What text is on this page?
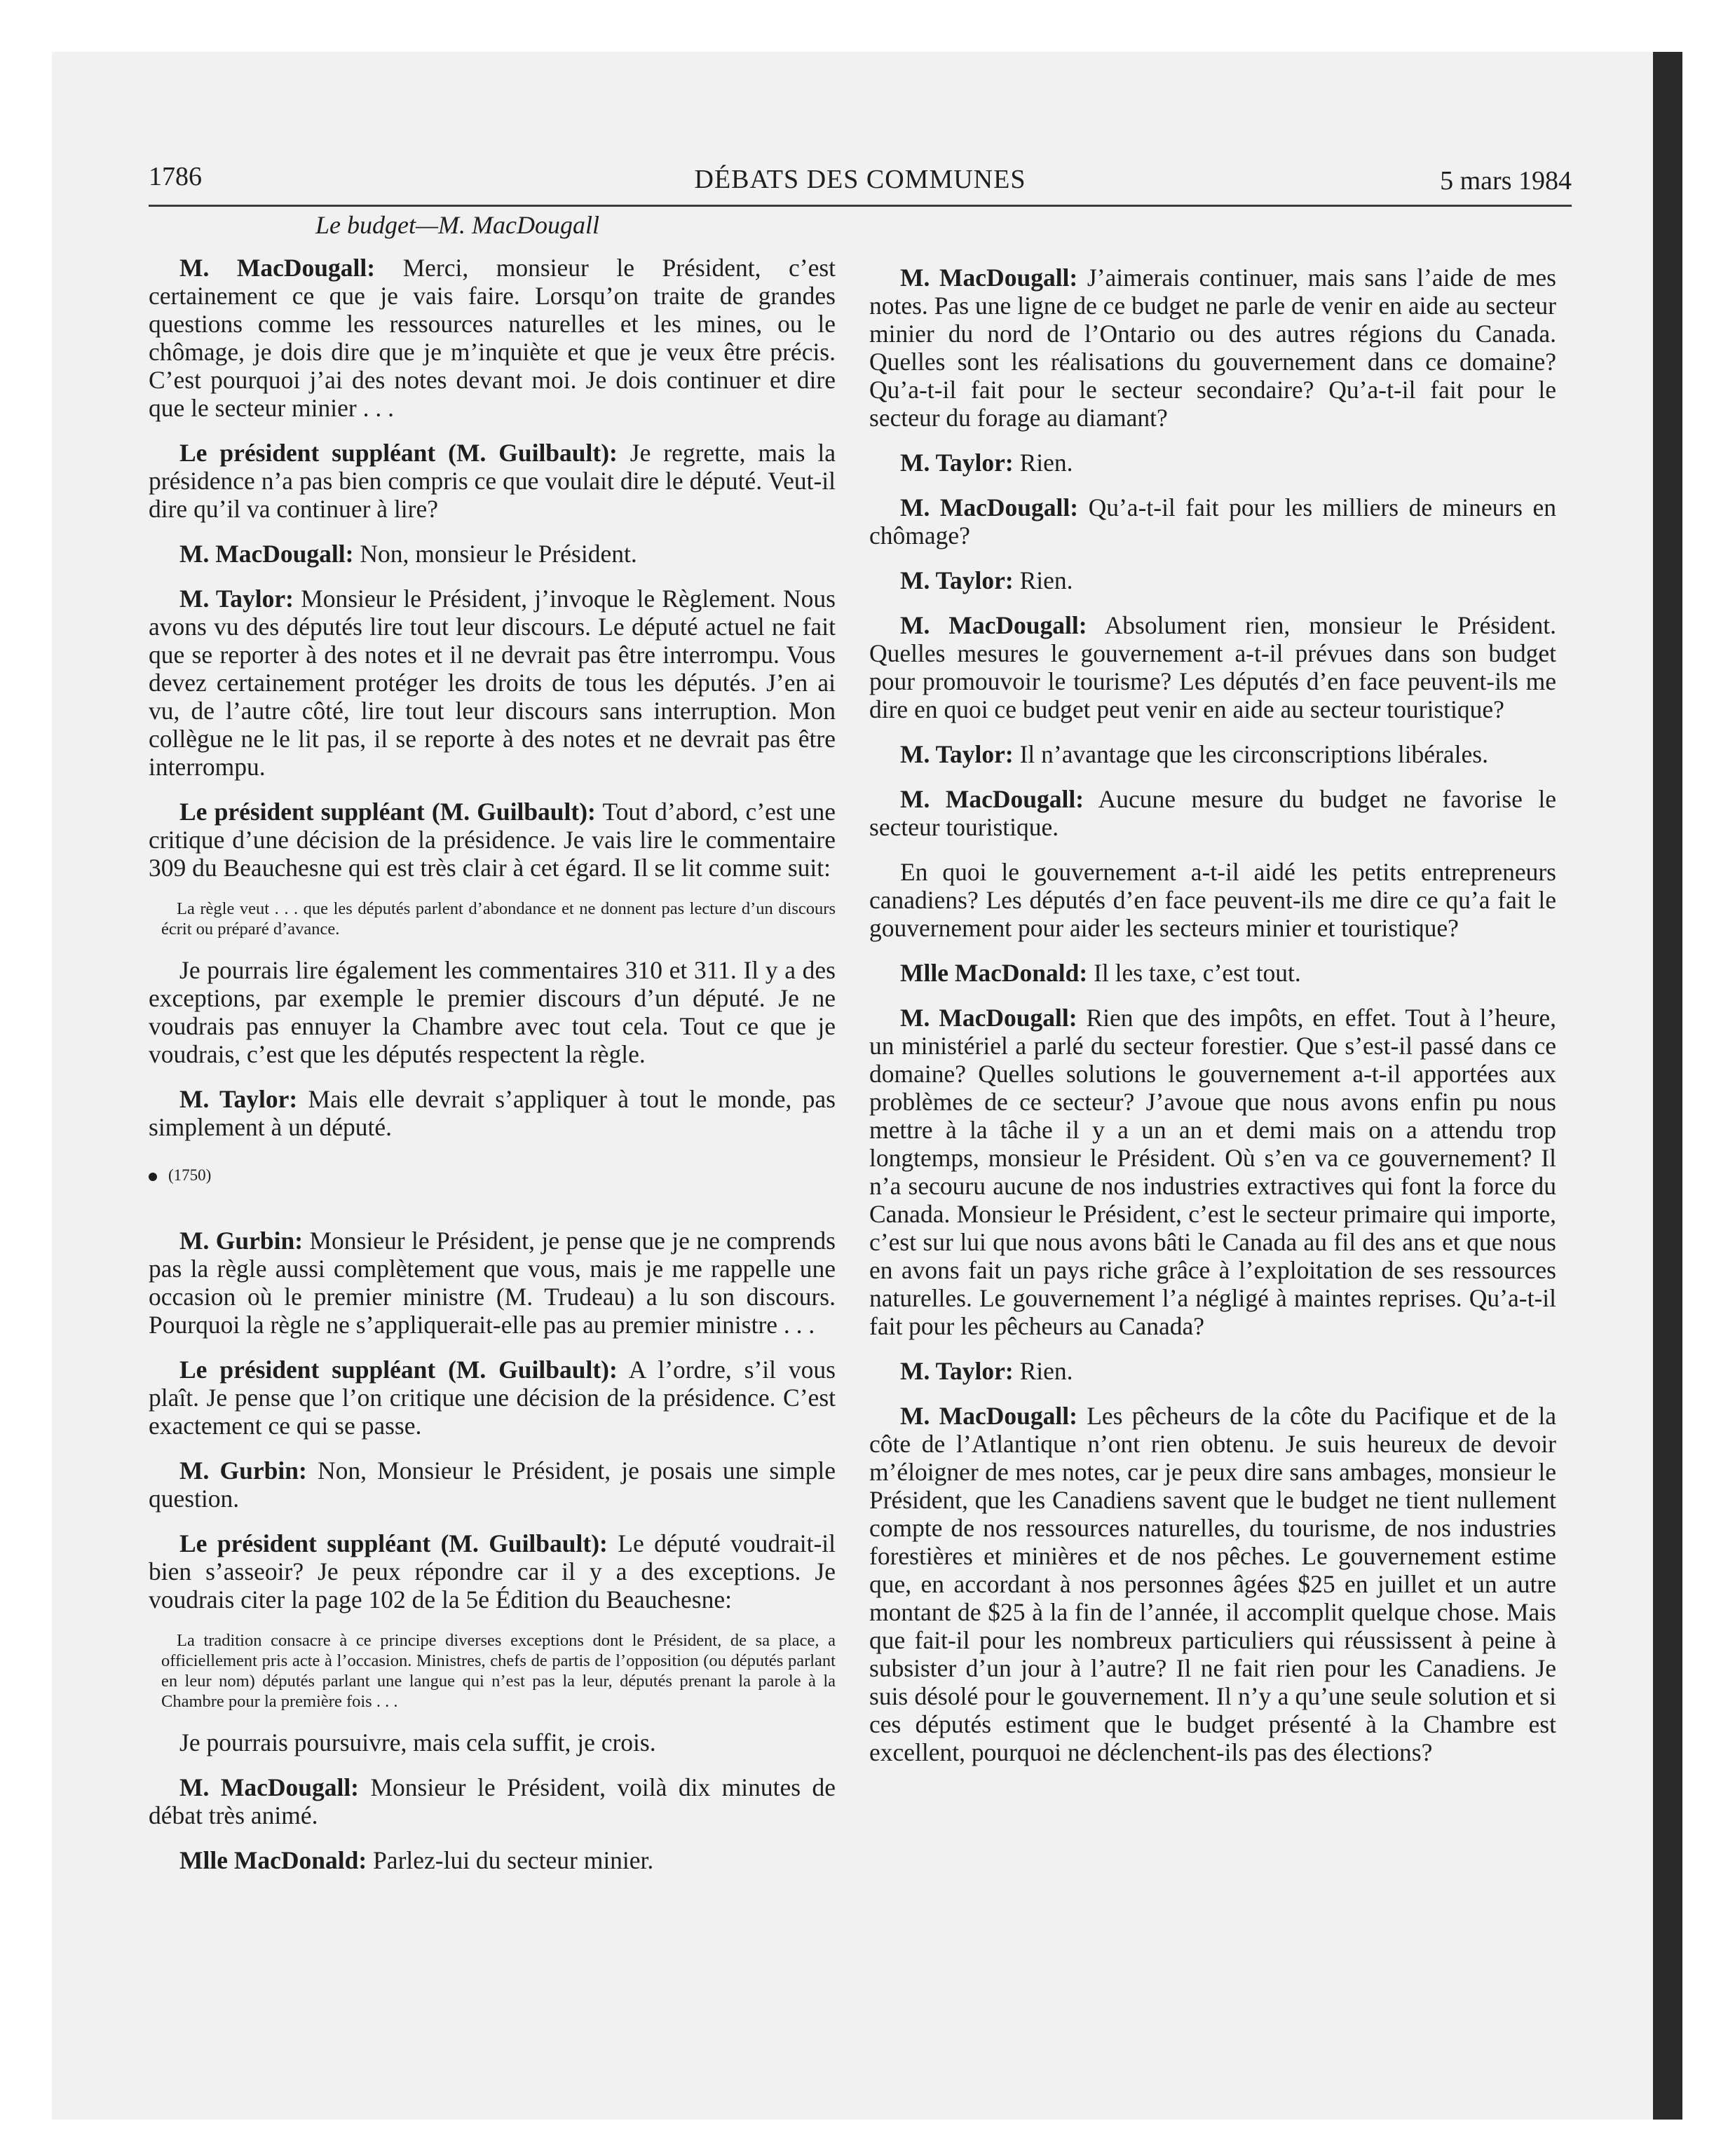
1786	DÉBATS DES COMMUNES	5 mars 1984
Le budget—M. MacDougall

M. MacDougall: Merci, monsieur le Président, c’est certainement ce que je vais faire. Lorsqu’on traite de grandes questions comme les ressources naturelles et les mines, ou le chômage, je dois dire que je m’inquiète et que je veux être précis. C’est pourquoi j’ai des notes devant moi. Je dois continuer et dire que le secteur minier . . .

Le président suppléant (M. Guilbault): Je regrette, mais la présidence n’a pas bien compris ce que voulait dire le député. Veut-il dire qu’il va continuer à lire?

M. MacDougall: Non, monsieur le Président.

M. Taylor: Monsieur le Président, j’invoque le Règlement. Nous avons vu des députés lire tout leur discours. Le député actuel ne fait que se reporter à des notes et il ne devrait pas être interrompu. Vous devez certainement protéger les droits de tous les députés. J’en ai vu, de l’autre côté, lire tout leur discours sans interruption. Mon collègue ne le lit pas, il se reporte à des notes et ne devrait pas être interrompu.

Le président suppléant (M. Guilbault): Tout d’abord, c’est une critique d’une décision de la présidence. Je vais lire le commentaire 309 du Beauchesne qui est très clair à cet égard. Il se lit comme suit:

La règle veut . . . que les députés parlent d’abondance et ne donnent pas lecture d’un discours écrit ou préparé d’avance.

Je pourrais lire également les commentaires 310 et 311. Il y a des exceptions, par exemple le premier discours d’un député. Je ne voudrais pas ennuyer la Chambre avec tout cela. Tout ce que je voudrais, c’est que les députés respectent la règle.

M. Taylor: Mais elle devrait s’appliquer à tout le monde, pas simplement à un député.

(1750)

M. Gurbin: Monsieur le Président, je pense que je ne comprends pas la règle aussi complètement que vous, mais je me rappelle une occasion où le premier ministre (M. Trudeau) a lu son discours. Pourquoi la règle ne s’appliquerait-elle pas au premier ministre . . .

Le président suppléant (M. Guilbault): A l’ordre, s’il vous plaît. Je pense que l’on critique une décision de la présidence. C’est exactement ce qui se passe.

M. Gurbin: Non, Monsieur le Président, je posais une simple question.

Le président suppléant (M. Guilbault): Le député voudrait-il bien s’asseoir? Je peux répondre car il y a des exceptions. Je voudrais citer la page 102 de la 5e Édition du Beauchesne:

La tradition consacre à ce principe diverses exceptions dont le Président, de sa place, a officiellement pris acte à l’occasion. Ministres, chefs de partis de l’opposition (ou députés parlant en leur nom) députés parlant une langue qui n’est pas la leur, députés prenant la parole à la Chambre pour la première fois . . .

Je pourrais poursuivre, mais cela suffit, je crois.

M. MacDougall: Monsieur le Président, voilà dix minutes de débat très animé.

Mlle MacDonald: Parlez-lui du secteur minier.

M. MacDougall: J’aimerais continuer, mais sans l’aide de mes notes. Pas une ligne de ce budget ne parle de venir en aide au secteur minier du nord de l’Ontario ou des autres régions du Canada. Quelles sont les réalisations du gouvernement dans ce domaine? Qu’a-t-il fait pour le secteur secondaire? Qu’a-t-il fait pour le secteur du forage au diamant?

M. Taylor: Rien.

M. MacDougall: Qu’a-t-il fait pour les milliers de mineurs en chômage?

M. Taylor: Rien.

M. MacDougall: Absolument rien, monsieur le Président. Quelles mesures le gouvernement a-t-il prévues dans son budget pour promouvoir le tourisme? Les députés d’en face peuvent-ils me dire en quoi ce budget peut venir en aide au secteur touristique?

M. Taylor: Il n’avantage que les circonscriptions libérales.

M. MacDougall: Aucune mesure du budget ne favorise le secteur touristique.

En quoi le gouvernement a-t-il aidé les petits entrepreneurs canadiens? Les députés d’en face peuvent-ils me dire ce qu’a fait le gouvernement pour aider les secteurs minier et touristique?

Mlle MacDonald: Il les taxe, c’est tout.

M. MacDougall: Rien que des impôts, en effet. Tout à l’heure, un ministériel a parlé du secteur forestier. Que s’est-il passé dans ce domaine? Quelles solutions le gouvernement a-t-il apportées aux problèmes de ce secteur? J’avoue que nous avons enfin pu nous mettre à la tâche il y a un an et demi mais on a attendu trop longtemps, monsieur le Président. Où s’en va ce gouvernement? Il n’a secouru aucune de nos industries extractives qui font la force du Canada. Monsieur le Président, c’est le secteur primaire qui importe, c’est sur lui que nous avons bâti le Canada au fil des ans et que nous en avons fait un pays riche grâce à l’exploitation de ses ressources naturelles. Le gouvernement l’a négligé à maintes reprises. Qu’a-t-il fait pour les pêcheurs au Canada?

M. Taylor: Rien.

M. MacDougall: Les pêcheurs de la côte du Pacifique et de la côte de l’Atlantique n’ont rien obtenu. Je suis heureux de devoir m’éloigner de mes notes, car je peux dire sans ambages, monsieur le Président, que les Canadiens savent que le budget ne tient nullement compte de nos ressources naturelles, du tourisme, de nos industries forestières et minières et de nos pêches. Le gouvernement estime que, en accordant à nos personnes âgées $25 en juillet et un autre montant de $25 à la fin de l’année, il accomplit quelque chose. Mais que fait-il pour les nombreux particuliers qui réussissent à peine à subsister d’un jour à l’autre? Il ne fait rien pour les Canadiens. Je suis désolé pour le gouvernement. Il n’y a qu’une seule solution et si ces députés estiment que le budget présenté à la Chambre est excellent, pourquoi ne déclenchent-ils pas des élections?
